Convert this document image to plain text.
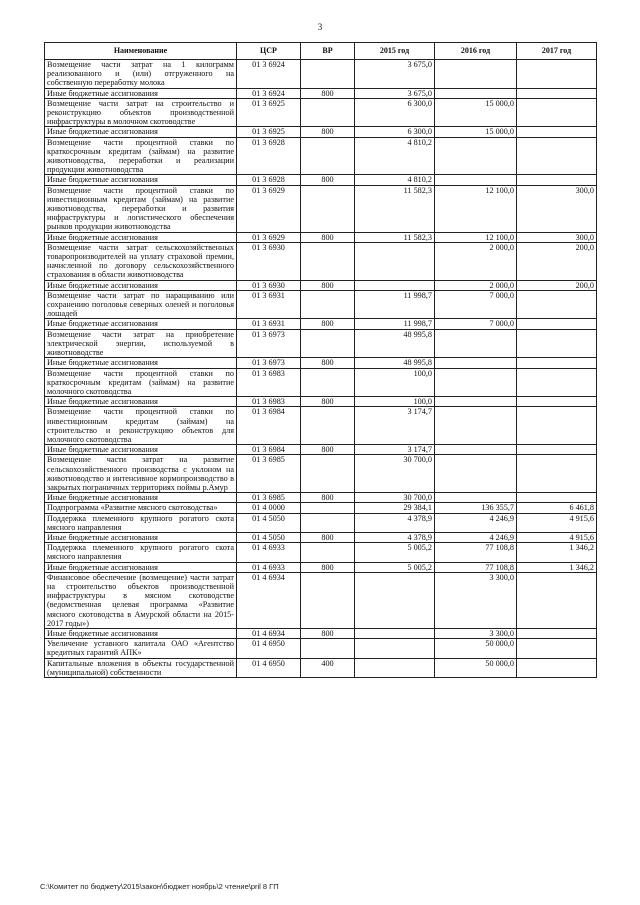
3
Наименование	ЦСР	ВР	2015 год	2016 год	2017 год
Возмещение части затрат на 1 килограмм реализованного и (или) отгруженного на собственную переработку молока	01 3 6924		3 675,0		
Иные бюджетные ассигнования	01 3 6924	800	3 675,0		
Возмещение части затрат на строительство и реконструкцию объектов производственной инфраструктуры в молочном скотоводстве	01 3 6925		6 300,0	15 000,0	
Иные бюджетные ассигнования	01 3 6925	800	6 300,0	15 000,0	
Возмещение части процентной ставки по краткосрочным кредитам (займам) на развитие животноводства, переработки и реализации продукции животноводства	01 3 6928		4 810,2		
Иные бюджетные ассигнования	01 3 6928	800	4 810,2		
Возмещение части процентной ставки по инвестиционным кредитам (займам) на развитие животноводства, переработки и развития инфраструктуры и логистического обеспечения рынков продукции животноводства	01 3 6929		11 582,3	12 100,0	300,0
Иные бюджетные ассигнования	01 3 6929	800	11 582,3	12 100,0	300,0
Возмещение части затрат сельскохозяйственных товаропроизводителей на уплату страховой премии, начисленной по договору сельскохозяйственного страхования в области животноводства	01 3 6930			2 000,0	200,0
Иные бюджетные ассигнования	01 3 6930	800		2 000,0	200,0
Возмещение части затрат по наращиванию или сохранению поголовья северных оленей и поголовья лошадей	01 3 6931		11 998,7	7 000,0	
Иные бюджетные ассигнования	01 3 6931	800	11 998,7	7 000,0	
Возмещение части затрат на приобретение электрической энергии, используемой в животноводстве	01 3 6973		48 995,8		
Иные бюджетные ассигнования	01 3 6973	800	48 995,8		
Возмещение части процентной ставки по краткосрочным кредитам (займам) на развитие молочного скотоводства	01 3 6983		100,0		
Иные бюджетные ассигнования	01 3 6983	800	100,0		
Возмещение части процентной ставки по инвестиционным кредитам (займам) на строительство и реконструкцию объектов для молочного скотоводства	01 3 6984		3 174,7		
Иные бюджетные ассигнования	01 3 6984	800	3 174,7		
Возмещение части затрат на развитие сельскохозяйственного производства с уклоном на животноводство и интенсивное кормопроизводство в закрытых пограничных территориях поймы р.Амур	01 3 6985		30 700,0		
Иные бюджетные ассигнования	01 3 6985	800	30 700,0		
Подпрограмма «Развитие мясного скотоводства»	01 4 0000		29 384,1	136 355,7	6 461,8
Поддержка племенного крупного рогатого скота мясного направления	01 4 5050		4 378,9	4 246,9	4 915,6
Иные бюджетные ассигнования	01 4 5050	800	4 378,9	4 246,9	4 915,6
Поддержка племенного крупного рогатого скота мясного направления	01 4 6933		5 005,2	77 108,8	1 346,2
Иные бюджетные ассигнования	01 4 6933	800	5 005,2	77 108,8	1 346,2
Финансовое обеспечение (возмещение) части затрат на строительство объектов производственной инфраструктуры в мясном скотоводстве (ведомственная целевая программа «Развитие мясного скотоводства в Амурской области на 2015-2017 годы»)	01 4 6934			3 300,0	
Иные бюджетные ассигнования	01 4 6934	800		3 300,0	
Увеличение уставного капитала ОАО «Агентство кредитных гарантий АПК»	01 4 6950			50 000,0	
Капитальные вложения в объекты государственной (муниципальной) собственности	01 4 6950	400		50 000,0	
C:\Комитет по бюджету\2015\закон\бюджет ноябрь\2 чтение\pril 8 ГП
